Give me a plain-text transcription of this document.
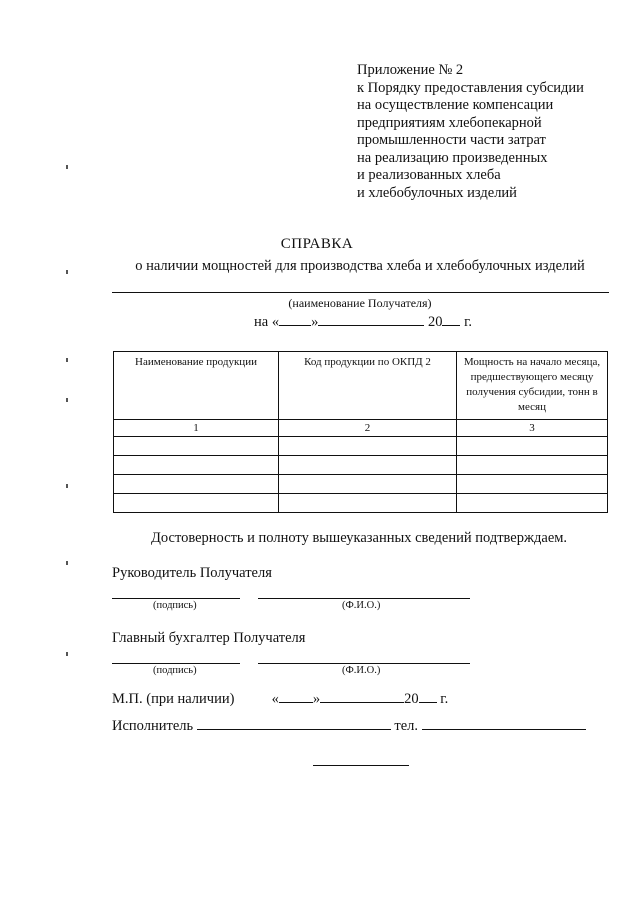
Приложение № 2
к Порядку предоставления субсидии
на осуществление компенсации
предприятиям хлебопекарной
промышленности части затрат
на реализацию произведенных
и реализованных хлеба
и хлебобулочных изделий
СПРАВКА
о наличии мощностей для производства хлеба и хлебобулочных изделий
(наименование Получателя)
на « »	20 г.
Наименование продукции	Код продукции по ОКПД 2	Мощность на начало месяца, предшествующего месяцу получения субсидии, тонн в месяц
1	2	3

Достоверность и полноту вышеуказанных сведений подтверждаем.
Руководитель Получателя
(подпись)	(Ф.И.О.)
Главный бухгалтер Получателя
(подпись)	(Ф.И.О.)
М.П. (при наличии)	« »	20 г.
Исполнитель	тел.
